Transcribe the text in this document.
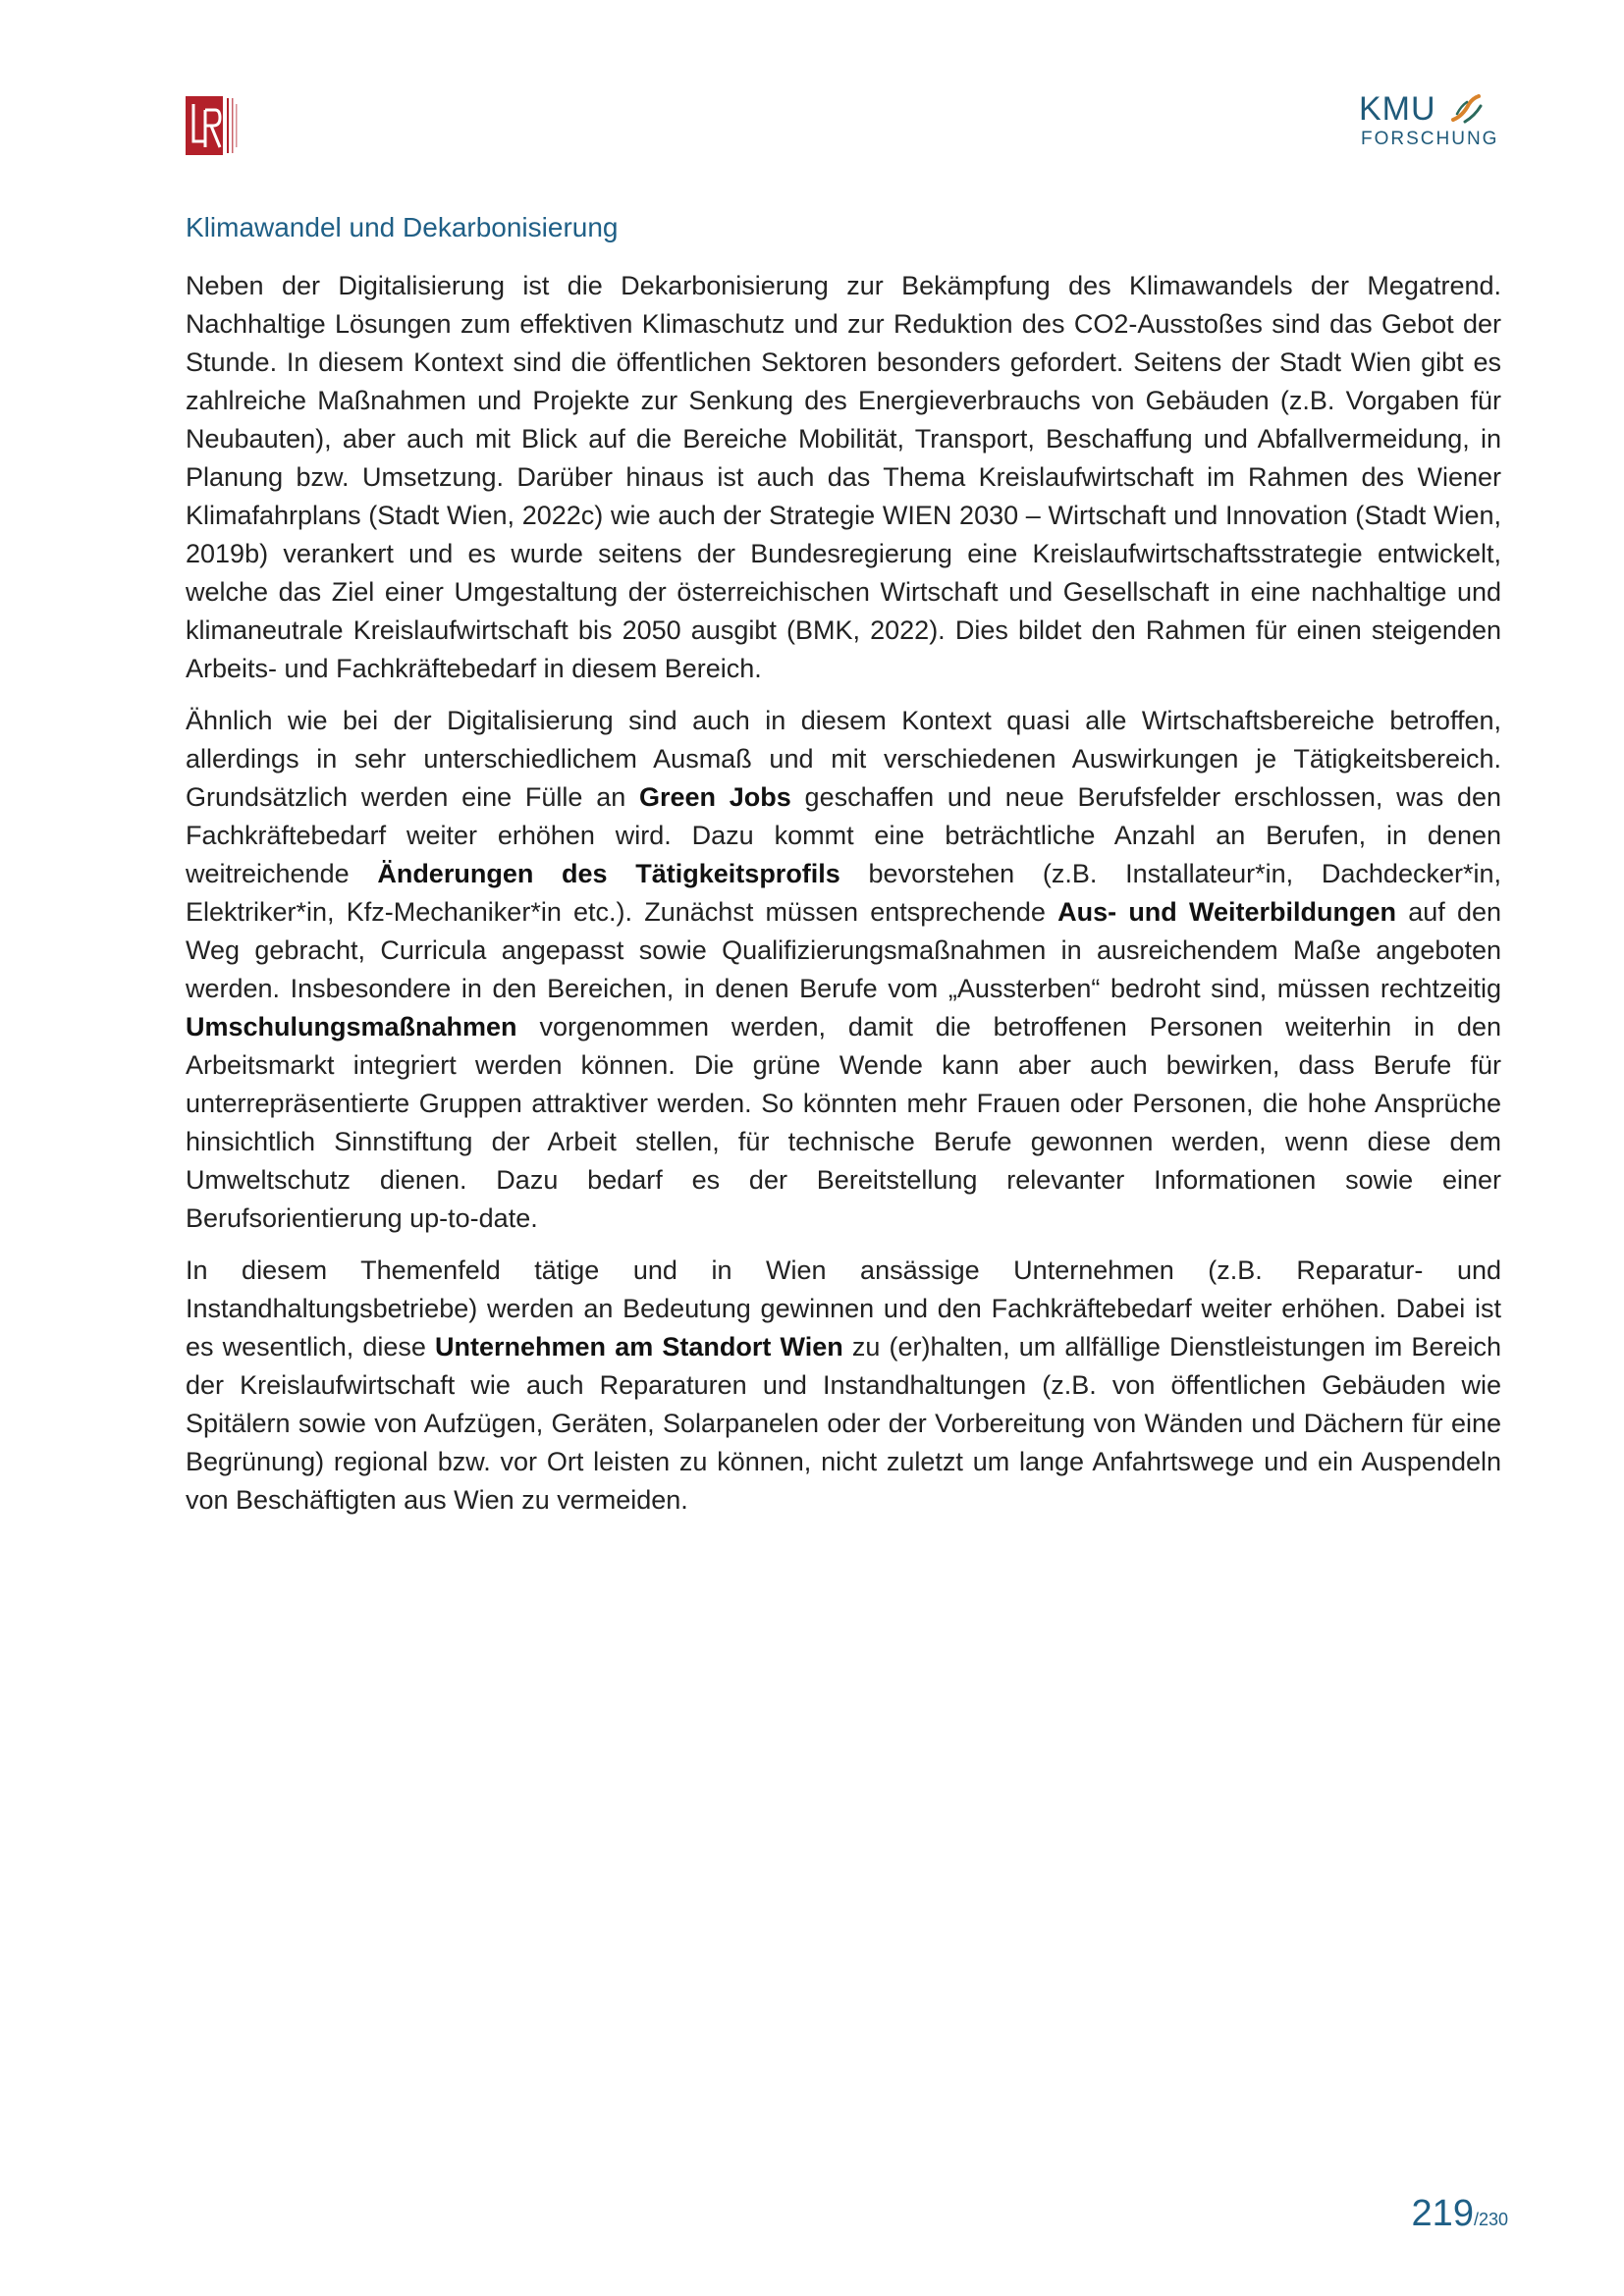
KMU
FORSCHUNG
Klimawandel und Dekarbonisierung

Neben der Digitalisierung ist die Dekarbonisierung zur Bekämpfung des Klimawandels der Megatrend. Nachhaltige Lösungen zum effektiven Klimaschutz und zur Reduktion des CO2-Ausstoßes sind das Gebot der Stunde. In diesem Kontext sind die öffentlichen Sektoren besonders gefordert. Seitens der Stadt Wien gibt es zahlreiche Maßnahmen und Projekte zur Senkung des Energieverbrauchs von Gebäuden (z.B. Vorgaben für Neubauten), aber auch mit Blick auf die Bereiche Mobilität, Transport, Beschaffung und Abfallvermeidung, in Planung bzw. Umsetzung. Darüber hinaus ist auch das Thema Kreislaufwirtschaft im Rahmen des Wiener Klimafahrplans (Stadt Wien, 2022c) wie auch der Strategie WIEN 2030 – Wirtschaft und Innovation (Stadt Wien, 2019b) verankert und es wurde seitens der Bundesregierung eine Kreislaufwirtschaftsstrategie entwickelt, welche das Ziel einer Umgestaltung der österreichischen Wirtschaft und Gesellschaft in eine nachhaltige und klimaneutrale Kreislaufwirtschaft bis 2050 ausgibt (BMK, 2022). Dies bildet den Rahmen für einen steigenden Arbeits- und Fachkräftebedarf in diesem Bereich.

Ähnlich wie bei der Digitalisierung sind auch in diesem Kontext quasi alle Wirtschaftsbereiche betroffen, allerdings in sehr unterschiedlichem Ausmaß und mit verschiedenen Auswirkungen je Tätigkeitsbereich. Grundsätzlich werden eine Fülle an Green Jobs geschaffen und neue Berufsfelder erschlossen, was den Fachkräftebedarf weiter erhöhen wird. Dazu kommt eine beträchtliche Anzahl an Berufen, in denen weitreichende Änderungen des Tätigkeitsprofils bevorstehen (z.B. Installateur*in, Dachdecker*in, Elektriker*in, Kfz-Mechaniker*in etc.). Zunächst müssen entsprechende Aus- und Weiterbildungen auf den Weg gebracht, Curricula angepasst sowie Qualifizierungsmaßnahmen in ausreichendem Maße angeboten werden. Insbesondere in den Bereichen, in denen Berufe vom „Aussterben“ bedroht sind, müssen rechtzeitig Umschulungsmaßnahmen vorgenommen werden, damit die betroffenen Personen weiterhin in den Arbeitsmarkt integriert werden können. Die grüne Wende kann aber auch bewirken, dass Berufe für unterrepräsentierte Gruppen attraktiver werden. So könnten mehr Frauen oder Personen, die hohe Ansprüche hinsichtlich Sinnstiftung der Arbeit stellen, für technische Berufe gewonnen werden, wenn diese dem Umweltschutz dienen. Dazu bedarf es der Bereitstellung relevanter Informationen sowie einer Berufsorientierung up-to-date.

In diesem Themenfeld tätige und in Wien ansässige Unternehmen (z.B. Reparatur- und Instandhaltungsbetriebe) werden an Bedeutung gewinnen und den Fachkräftebedarf weiter erhöhen. Dabei ist es wesentlich, diese Unternehmen am Standort Wien zu (er)halten, um allfällige Dienstleistungen im Bereich der Kreislaufwirtschaft wie auch Reparaturen und Instandhaltungen (z.B. von öffentlichen Gebäuden wie Spitälern sowie von Aufzügen, Geräten, Solarpanelen oder der Vorbereitung von Wänden und Dächern für eine Begrünung) regional bzw. vor Ort leisten zu können, nicht zuletzt um lange Anfahrtswege und ein Auspendeln von Beschäftigten aus Wien zu vermeiden.

219/230
